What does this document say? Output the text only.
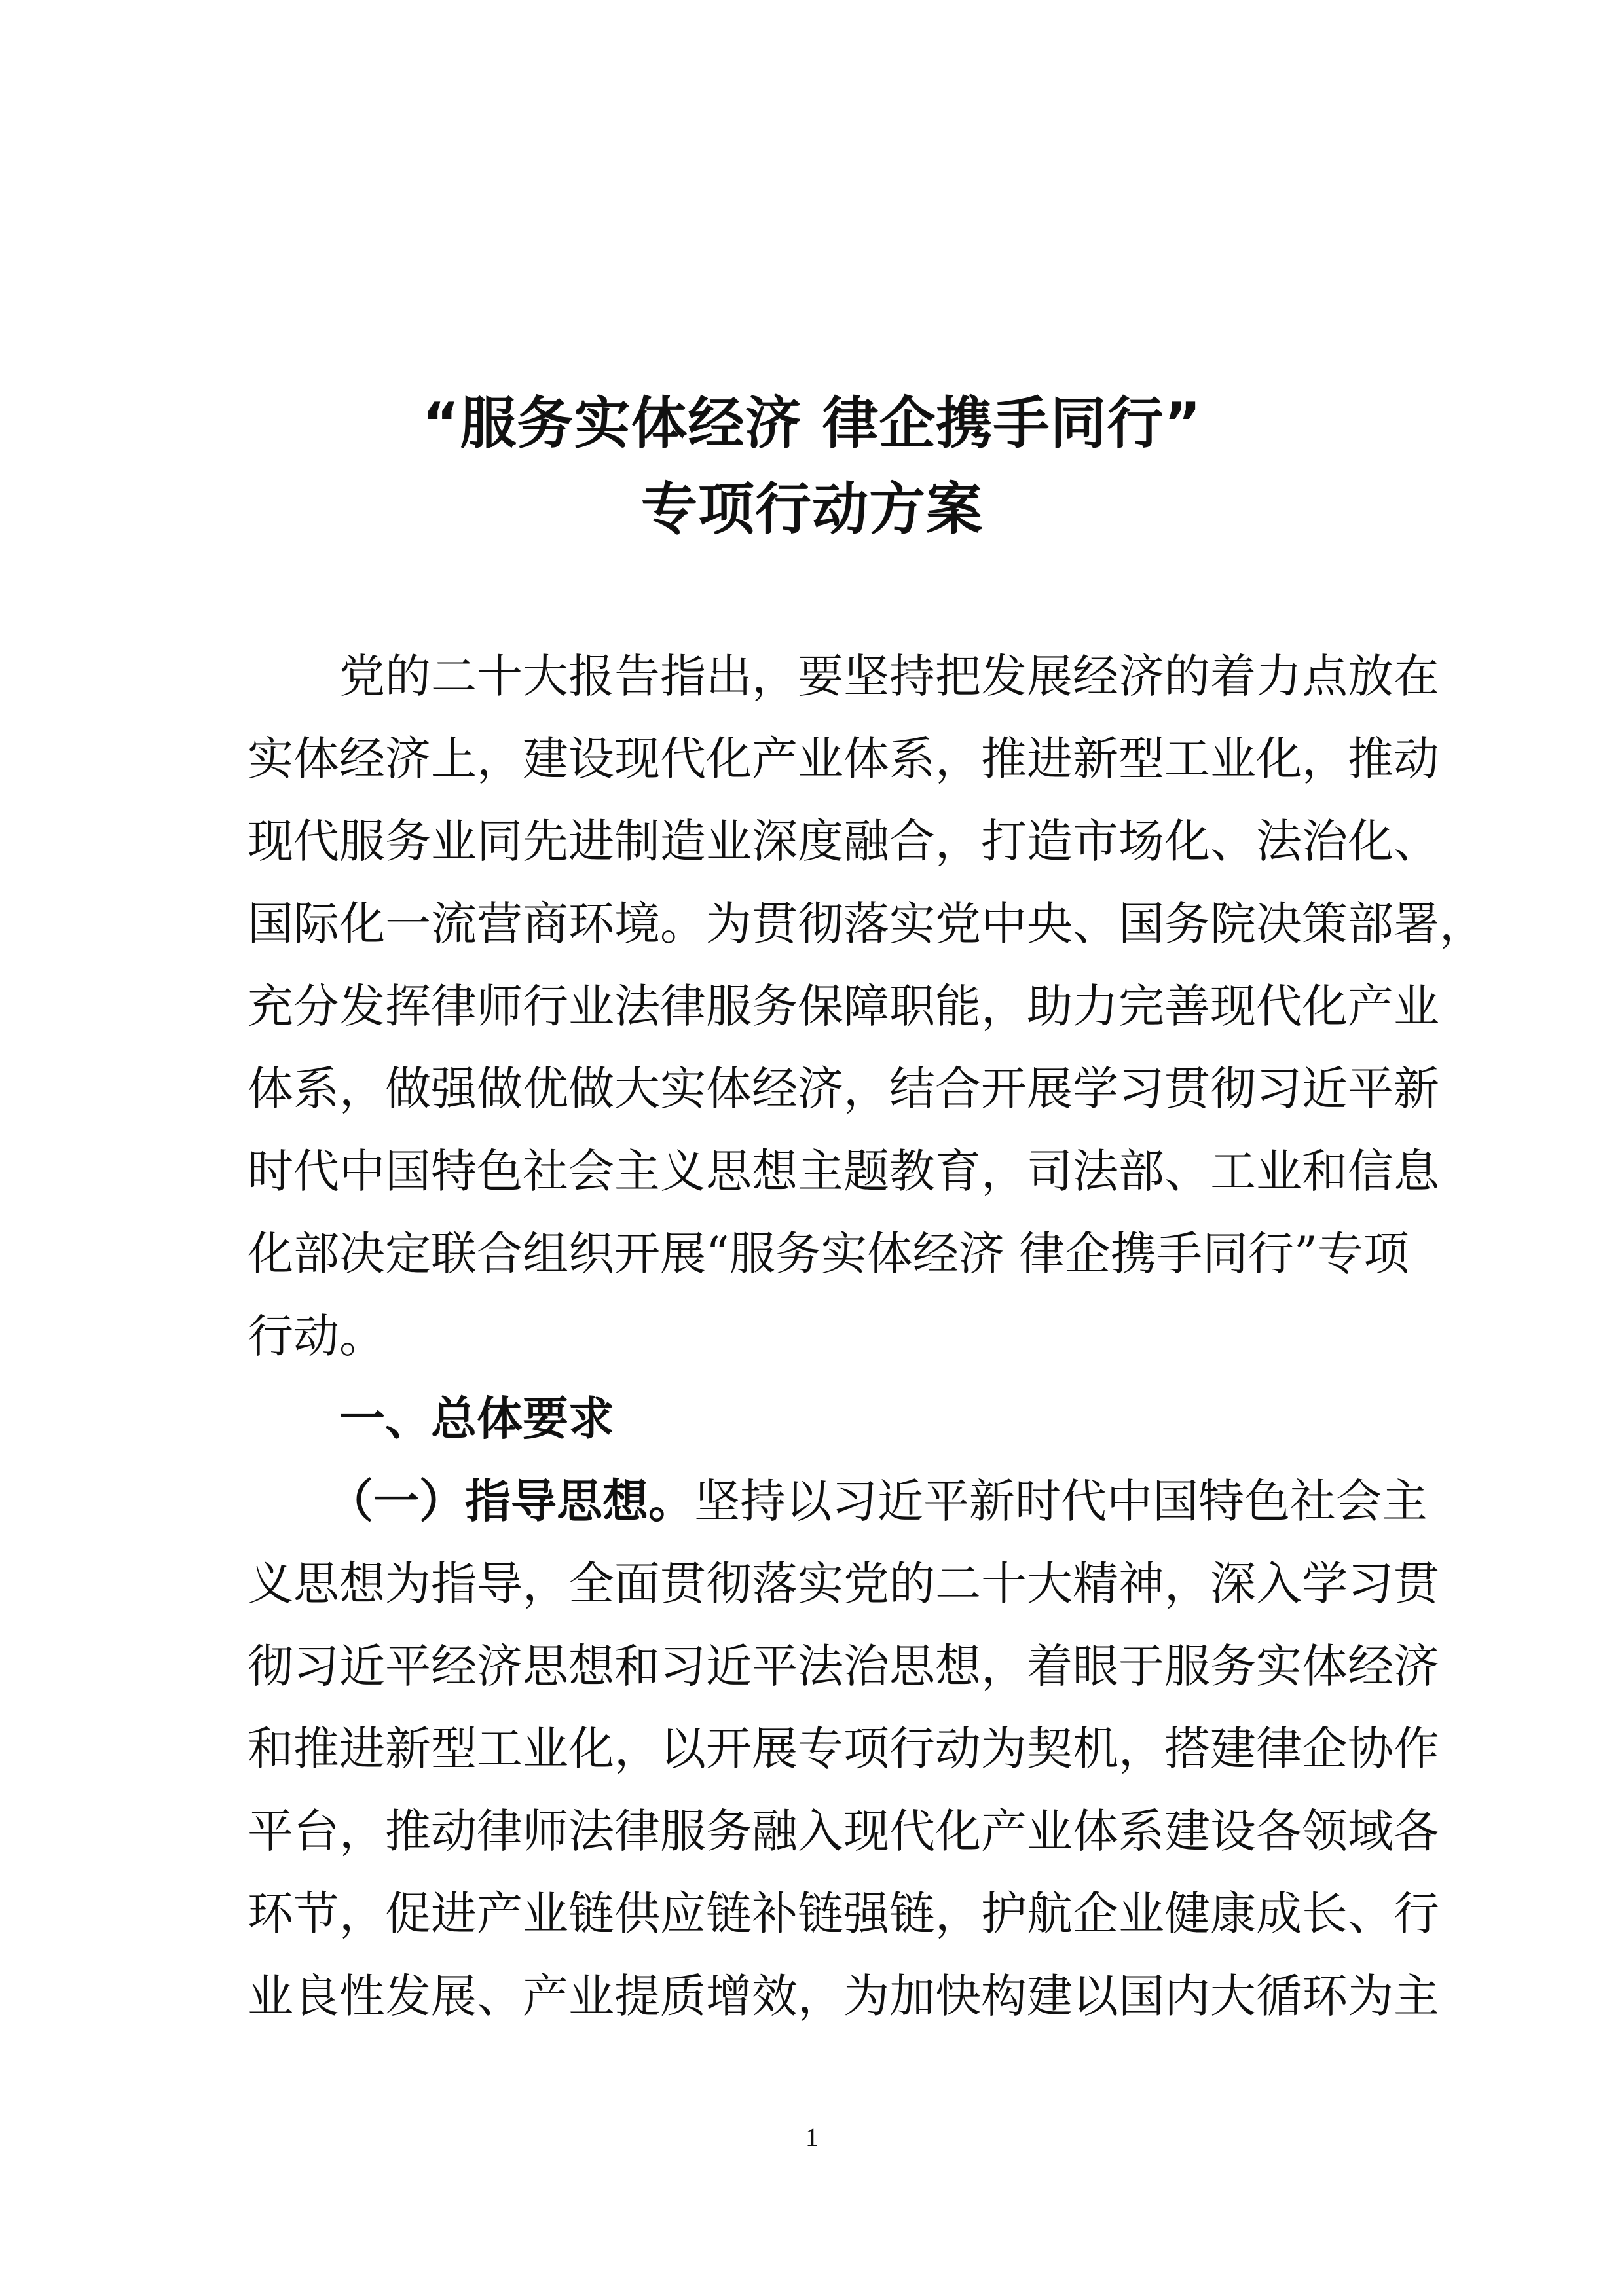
“服务实体经济 律企携手同行”
专项行动方案
党的二十大报告指出，要坚持把发展经济的着力点放在
实体经济上，建设现代化产业体系，推进新型工业化，推动
现代服务业同先进制造业深度融合，打造市场化、法治化、
国际化一流营商环境。为贯彻落实党中央、国务院决策部署，
充分发挥律师行业法律服务保障职能，助力完善现代化产业
体系，做强做优做大实体经济，结合开展学习贯彻习近平新
时代中国特色社会主义思想主题教育，司法部、工业和信息
化部决定联合组织开展“服务实体经济 律企携手同行”专项
行动。
一、总体要求
（一）指导思想。坚持以习近平新时代中国特色社会主
义思想为指导，全面贯彻落实党的二十大精神，深入学习贯
彻习近平经济思想和习近平法治思想，着眼于服务实体经济
和推进新型工业化，以开展专项行动为契机，搭建律企协作
平台，推动律师法律服务融入现代化产业体系建设各领域各
环节，促进产业链供应链补链强链，护航企业健康成长、行
业良性发展、产业提质增效，为加快构建以国内大循环为主
1
